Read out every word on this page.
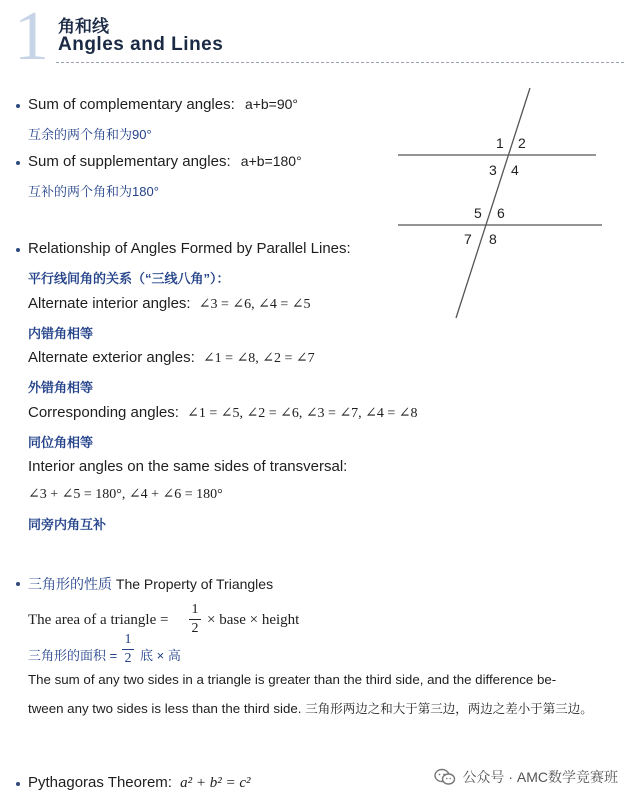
1 角和线
Angles and Lines
Sum of complementary angles: a+b=90°
互余的两个角和为90°
Sum of supplementary angles: a+b=180°
互补的两个角和为180°
1 2
3 4
5 6
7 8
Relationship of Angles Formed by Parallel Lines:
平行线间角的关系（“三线八角”）：
Alternate interior angles: ∠3 = ∠6, ∠4 = ∠5
内错角相等
Alternate exterior angles: ∠1 = ∠8, ∠2 = ∠7
外错角相等
Corresponding angles: ∠1 = ∠5, ∠2 = ∠6, ∠3 = ∠7, ∠4 = ∠8
同位角相等
Interior angles on the same sides of transversal:
∠3 + ∠5 = 180°, ∠4 + ∠6 = 180°
同旁内角互补
三角形的性质 The Property of Triangles
The area of a triangle =
1
2
× base × height
三角形的面积 =
1
2 底 × 高
The sum of any two sides in a triangle is greater than the third side, and the difference be-
tween any two sides is less than the third side. 三角形两边之和大于第三边，两边之差小于第三边。
Pythagoras Theorem: a² + b² = c²	公众号 · AMC数学竞赛班
